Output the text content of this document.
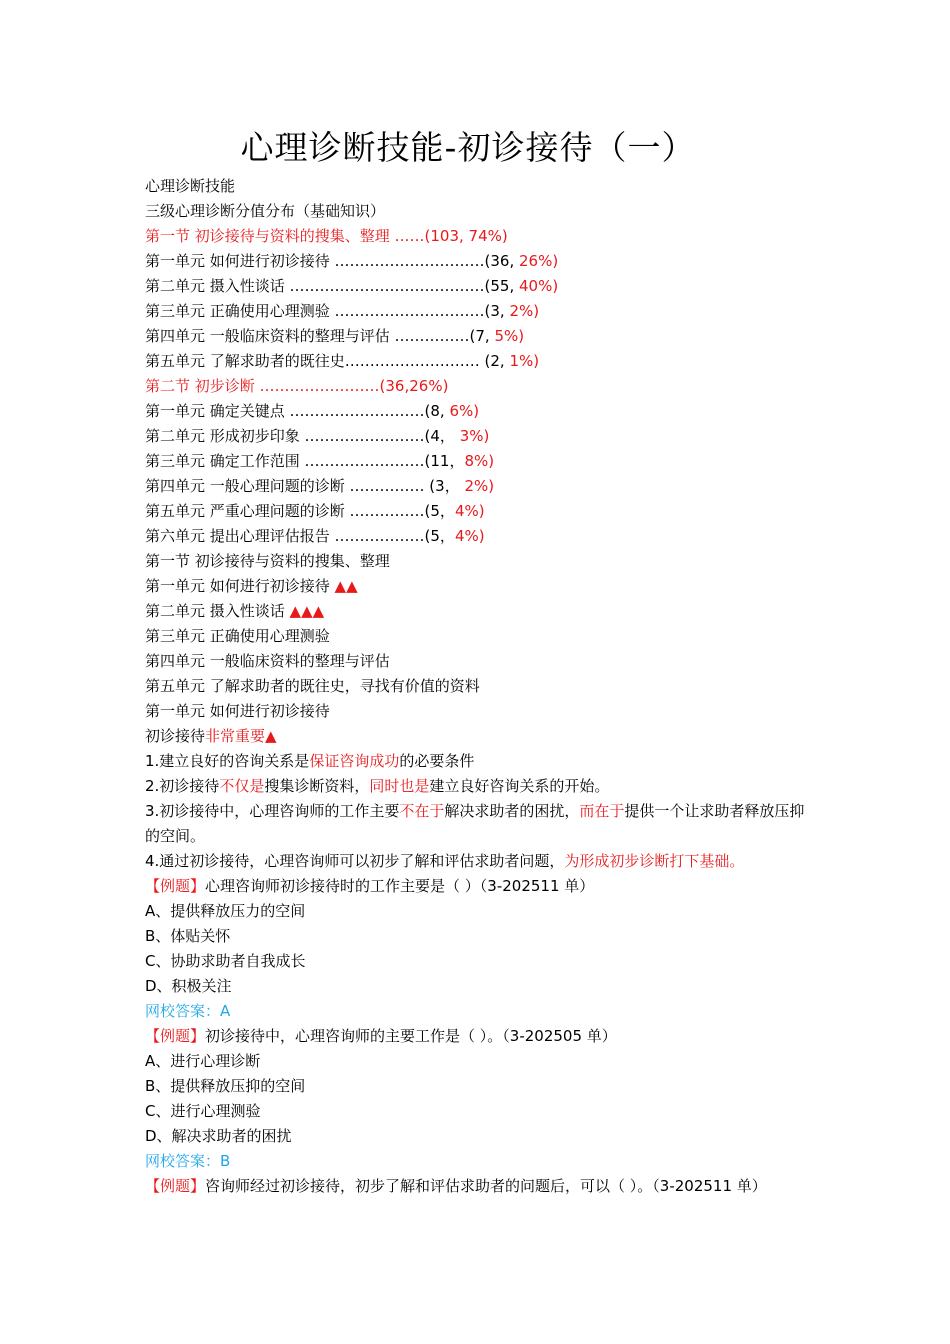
心理诊断技能-初诊接待（一）
心理诊断技能
三级心理诊断分值分布（基础知识）
第一节 初诊接待与资料的搜集、整理 ……(103, 74%)
第一单元 如何进行初诊接待 …………………………(36, 26%)
第二单元 摄入性谈话 …………………………………(55, 40%)
第三单元 正确使用心理测验 …………………………(3, 2%)
第四单元 一般临床资料的整理与评估 ……………(7, 5%)
第五单元 了解求助者的既往史……………………… (2, 1%)
第二节 初步诊断 ……………………(36,26%)
第一单元 确定关键点 ………………………(8, 6%)
第二单元 形成初步印象 ……………………(4， 3%)
第三单元 确定工作范围 ……………………(11，8%)
第四单元 一般心理问题的诊断 …………… (3， 2%)
第五单元 严重心理问题的诊断 ……………(5，4%)
第六单元 提出心理评估报告 ………………(5，4%)
第一节 初诊接待与资料的搜集、整理
第一单元 如何进行初诊接待 ▲▲
第二单元 摄入性谈话 ▲▲▲
第三单元 正确使用心理测验
第四单元 一般临床资料的整理与评估
第五单元 了解求助者的既往史，寻找有价值的资料
第一单元 如何进行初诊接待
初诊接待非常重要▲
1.建立良好的咨询关系是保证咨询成功的必要条件
2.初诊接待不仅是搜集诊断资料，同时也是建立良好咨询关系的开始。
3.初诊接待中，心理咨询师的工作主要不在于解决求助者的困扰，而在于提供一个让求助者释放压抑的空间。
4.通过初诊接待，心理咨询师可以初步了解和评估求助者问题，为形成初步诊断打下基础。
【例题】心理咨询师初诊接待时的工作主要是（ ）（3-202511 单）
A、提供释放压力的空间
B、体贴关怀
C、协助求助者自我成长
D、积极关注
网校答案：A
【例题】初诊接待中，心理咨询师的主要工作是（ ）。（3-202505 单）
A、进行心理诊断
B、提供释放压抑的空间
C、进行心理测验
D、解决求助者的困扰
网校答案：B
【例题】咨询师经过初诊接待，初步了解和评估求助者的问题后，可以（ ）。（3-202511 单）
